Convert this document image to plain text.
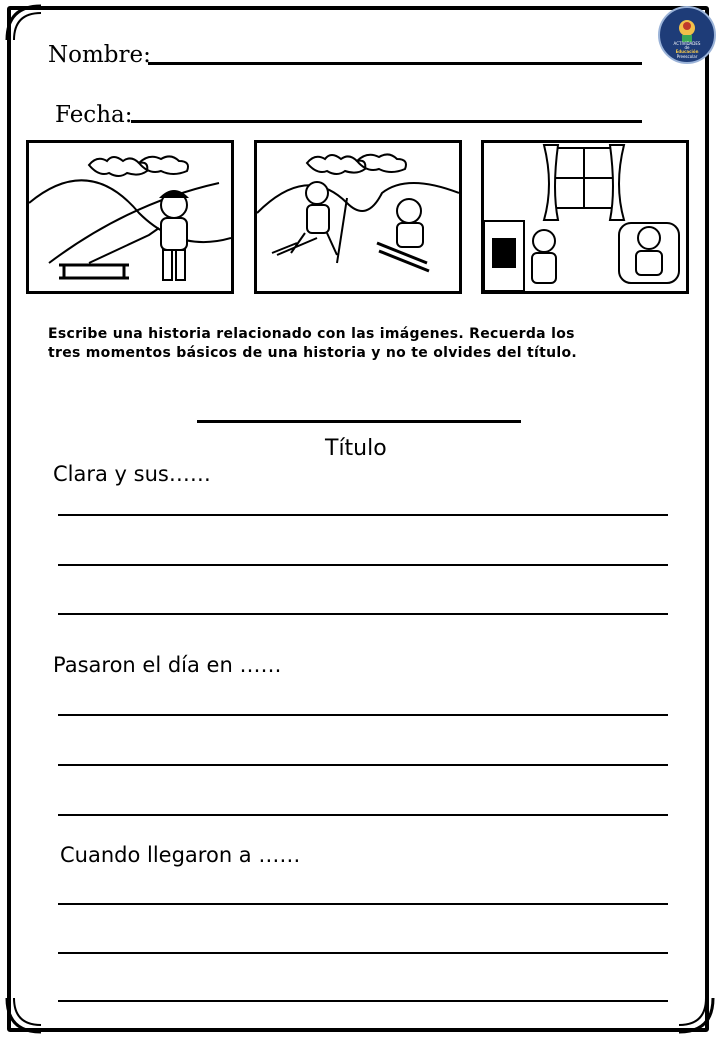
ACTIVIDADES
de
Educación
Preescolar
Nombre:
Fecha:
Escribe una historia relacionado con las imágenes. Recuerda los tres momentos básicos de una historia y no te olvides del título.
Título
Clara y sus……
Pasaron el día en ……
Cuando llegaron a ……
